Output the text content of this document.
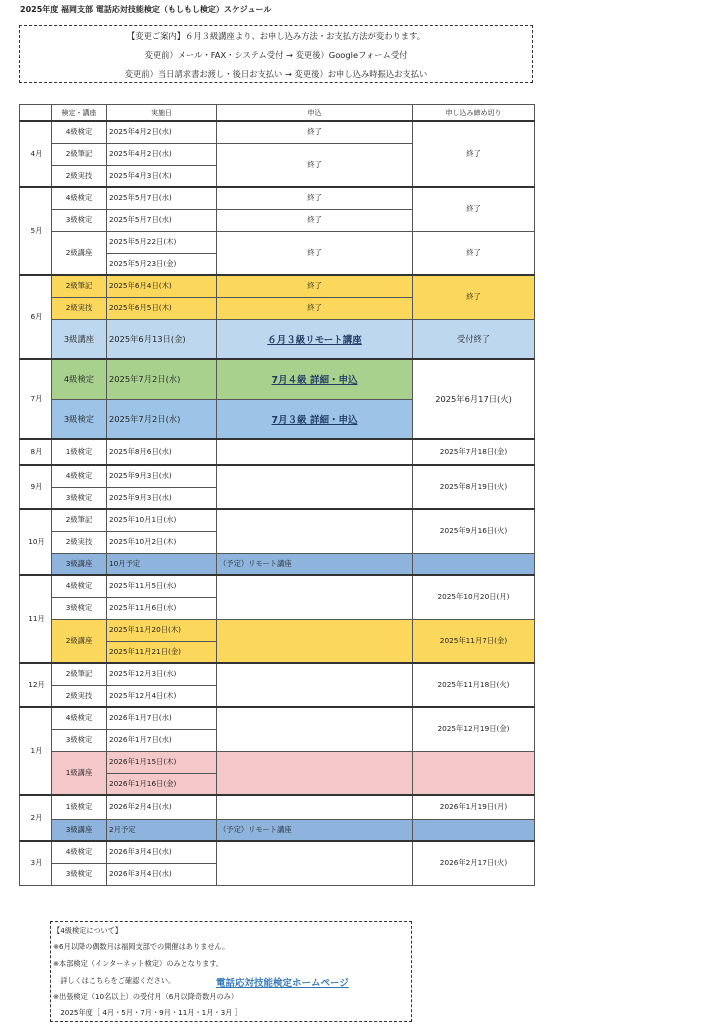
2025年度 福岡支部 電話応対技能検定（もしもし検定）スケジュール
【変更ご案内】６月３級講座より、お申し込み方法・お支払方法が変わります。
変更前）メール・FAX・システム受付 → 変更後）Googleフォーム受付
変更前）当日請求書お渡し・後日お支払い → 変更後）お申し込み時振込お支払い
	検定・講座	実施日	申込	申し込み締め切り
4月	4級検定	2025年4月2日(水)	終了	終了
	2級筆記	2025年4月2日(水)	終了	
	2級実技	2025年4月3日(木)		
5月	4級検定	2025年5月7日(水)	終了	終了
	3級検定	2025年5月7日(水)	終了	
	2級講座	2025年5月22日(木)	終了	終了
		2025年5月23日(金)		
6月	2級筆記	2025年6月4日(木)	終了	終了
	2級実技	2025年6月5日(木)	終了	
	3級講座	2025年6月13日(金)	６月３級リモート講座	受付終了
7月	4級検定	2025年7月2日(水)	7月４級 詳細・申込	2025年6月17日(火)
	3級検定	2025年7月2日(水)	7月３級 詳細・申込	
8月	1級検定	2025年8月6日(水)		2025年7月18日(金)
9月	4級検定	2025年9月3日(水)		2025年8月19日(火)
	3級検定	2025年9月3日(水)		
10月	2級筆記	2025年10月1日(水)		2025年9月16日(火)
	2級実技	2025年10月2日(木)		
	3級講座	10月予定	（予定）リモート講座	
11月	4級検定	2025年11月5日(水)		2025年10月20日(月)
	3級検定	2025年11月6日(水)		
	2級講座	2025年11月20日(木)		2025年11月7日(金)
		2025年11月21日(金)		
12月	2級筆記	2025年12月3日(水)		2025年11月18日(火)
	2級実技	2025年12月4日(木)		
1月	4級検定	2026年1月7日(水)		2025年12月19日(金)
	3級検定	2026年1月7日(水)		
	1級講座	2026年1月15日(木)		
		2026年1月16日(金)		
2月	1級検定	2026年2月4日(水)		2026年1月19日(月)
	3級講座	2月予定	（予定）リモート講座	
3月	4級検定	2026年3月4日(水)		2026年2月17日(火)
	3級検定	2026年3月4日(水)		
【4級検定について】
※6月以降の偶数月は福岡支部での開催はありません。
※本部検定（インターネット検定）のみとなります。
　詳しくはこちらをご確認ください。	電話応対技能検定ホームページ
※出張検定（10名以上）の受付月（6月以降奇数月のみ）
　2025年度［ 4月・5月・7月・9月・11月・1月・3月 ］
